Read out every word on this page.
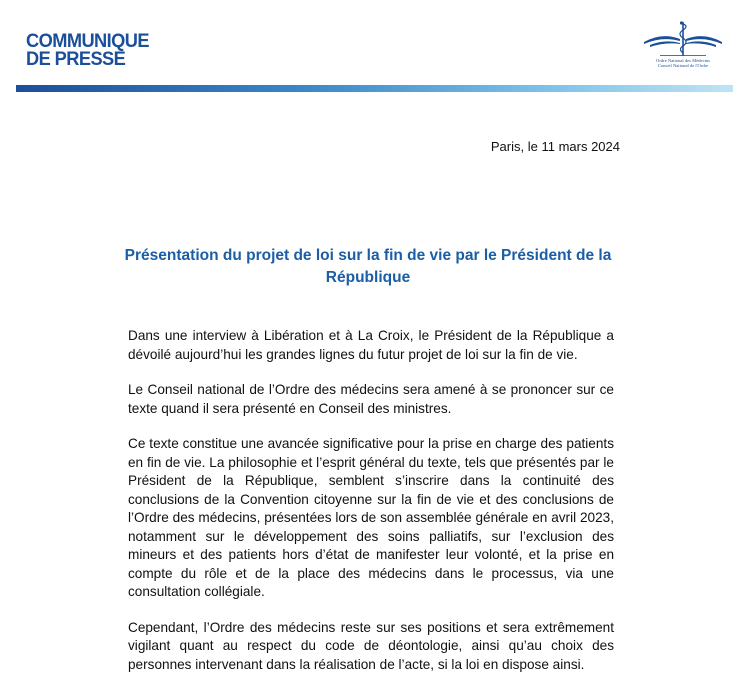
COMMUNIQUE
DE PRESSE	Ordre National des Médecins
Conseil National de l'Ordre
Paris, le 11 mars 2024
Présentation du projet de loi sur la fin de vie par le Président de la République

Dans une interview à Libération et à La Croix, le Président de la République a dévoilé aujourd’hui les grandes lignes du futur projet de loi sur la fin de vie.

Le Conseil national de l’Ordre des médecins sera amené à se prononcer sur ce texte quand il sera présenté en Conseil des ministres.

Ce texte constitue une avancée significative pour la prise en charge des patients en fin de vie. La philosophie et l’esprit général du texte, tels que présentés par le Président de la République, semblent s’inscrire dans la continuité des conclusions de la Convention citoyenne sur la fin de vie et des conclusions de l’Ordre des médecins, présentées lors de son assemblée générale en avril 2023, notamment sur le développement des soins palliatifs, sur l’exclusion des mineurs et des patients hors d’état de manifester leur volonté, et la prise en compte du rôle et de la place des médecins dans le processus, via une consultation collégiale.

Cependant, l’Ordre des médecins reste sur ses positions et sera extrêmement vigilant quant au respect du code de déontologie, ainsi qu’au choix des personnes intervenant dans la réalisation de l’acte, si la loi en dispose ainsi.
